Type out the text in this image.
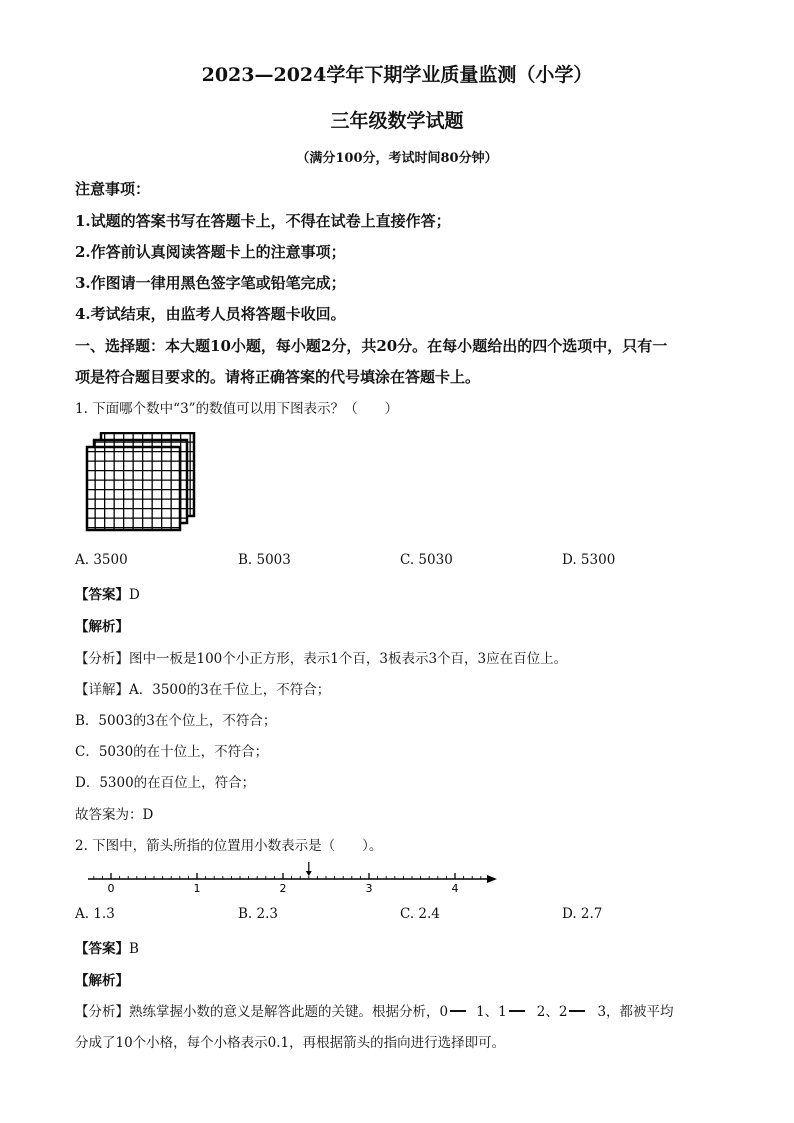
2023—2024学年下期学业质量监测（小学）
三年级数学试题
（满分100分，考试时间80分钟）
注意事项：
1.试题的答案书写在答题卡上，不得在试卷上直接作答；
2.作答前认真阅读答题卡上的注意事项；
3.作图请一律用黑色签字笔或铅笔完成；
4.考试结束，由监考人员将答题卡收回。
一、选择题：本大题10小题，每小题2分，共20分。在每小题给出的四个选项中，只有一
项是符合题目要求的。请将正确答案的代号填涂在答题卡上。
1. 下面哪个数中“3”的数值可以用下图表示？（　　）
A. 3500	B. 5003	C. 5030	D. 5300
【答案】D
【解析】
【分析】图中一板是100个小正方形，表示1个百，3板表示3个百，3应在百位上。
【详解】A．3500的3在千位上，不符合；
B．5003的3在个位上，不符合；
C．5030的在十位上，不符合；
D．5300的在百位上，符合；
故答案为：D
2. 下图中，箭头所指的位置用小数表示是（　　）。
0	1	2	3	4
A. 1.3	B. 2.3	C. 2.4	D. 2.7
【答案】B
【解析】
【分析】熟练掌握小数的意义是解答此题的关键。根据分析，0 1、1 2、2 3，都被平均
分成了10个小格，每个小格表示0.1，再根据箭头的指向进行选择即可。
